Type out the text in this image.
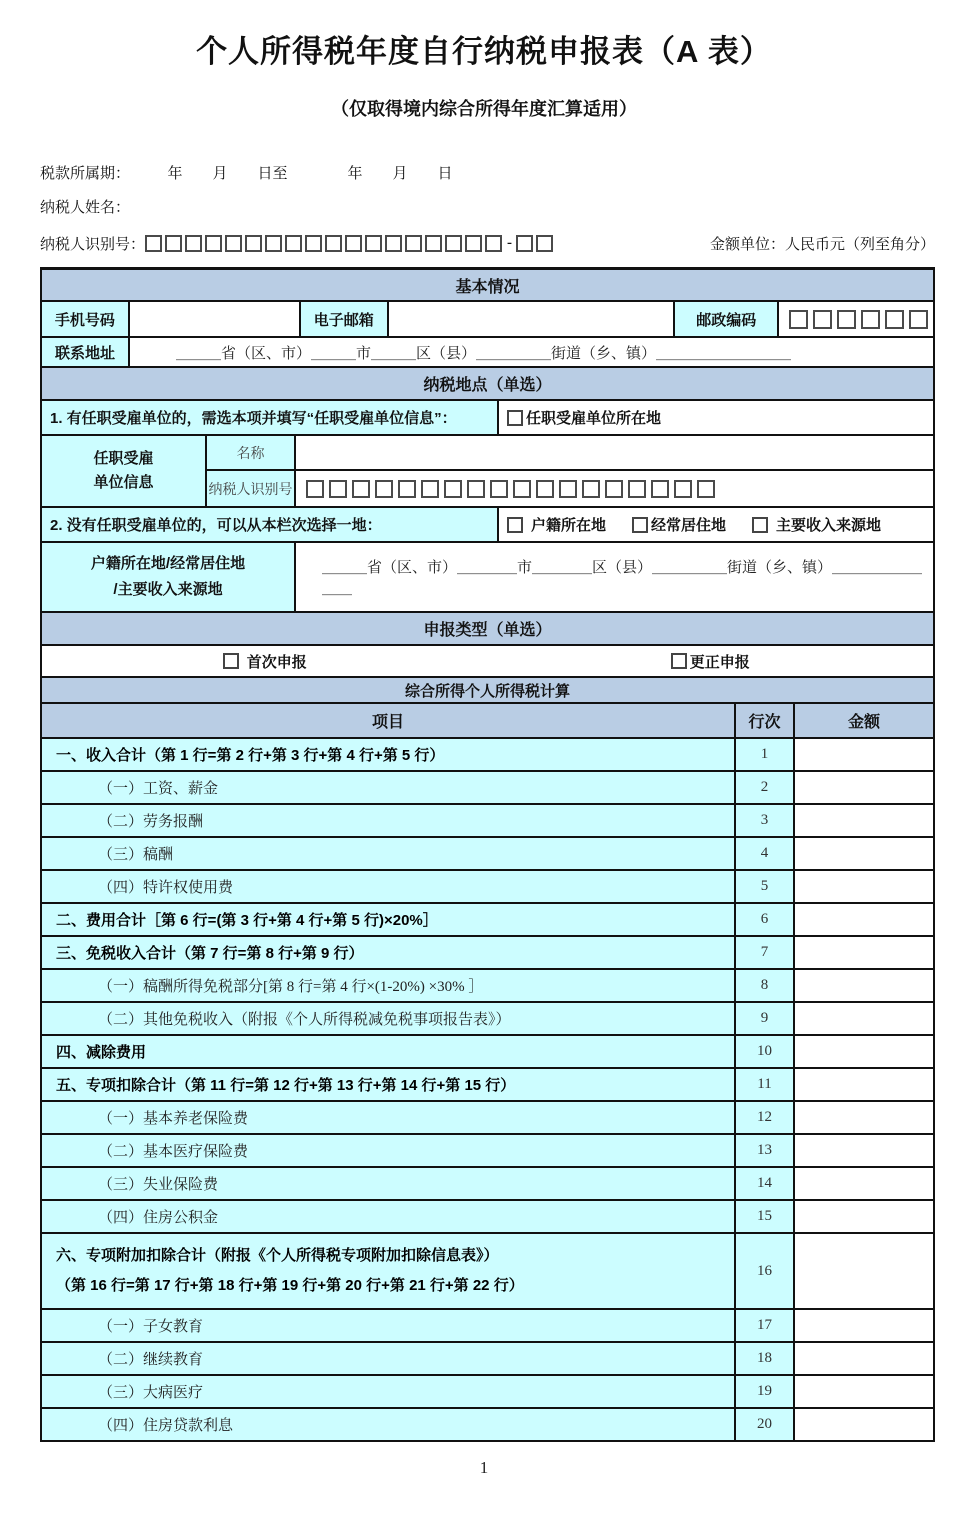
个人所得税年度自行纳税申报表（A 表）
（仅取得境内综合所得年度汇算适用）
税款所属期：　　　年　　月　　日至　　　　年　　月　　日
纳税人姓名：
纳税人识别号：	-	金额单位：人民币元（列至角分）
基本情况
手机号码	电子邮箱	邮政编码
联系地址	＿＿＿省（区、市）＿＿＿市＿＿＿区（县）＿＿＿＿＿街道（乡、镇）＿＿＿＿＿＿＿＿＿
纳税地点（单选）
1. 有任职受雇单位的，需选本项并填写“任职受雇单位信息”：	任职受雇单位所在地
任职受雇
单位信息
名称
纳税人识别号
2. 没有任职受雇单位的，可以从本栏次选择一地：	户籍所在地	经常居住地	主要收入来源地
户籍所在地/经常居住地
/主要收入来源地
＿＿＿省（区、市）＿＿＿＿市＿＿＿＿区（县）＿＿＿＿＿街道（乡、镇）＿＿＿＿＿＿＿＿
申报类型（单选）
首次申报	更正申报
综合所得个人所得税计算
项目	行次	金额
一、收入合计（第 1 行=第 2 行+第 3 行+第 4 行+第 5 行）	1
（一）工资、薪金	2
（二）劳务报酬	3
（三）稿酬	4
（四）特许权使用费	5
二、费用合计［第 6 行=(第 3 行+第 4 行+第 5 行)×20%］	6
三、免税收入合计（第 7 行=第 8 行+第 9 行）	7
（一）稿酬所得免税部分[第 8 行=第 4 行×(1-20%) ×30% ］	8
（二）其他免税收入（附报《个人所得税减免税事项报告表》）	9
四、减除费用	10
五、专项扣除合计（第 11 行=第 12 行+第 13 行+第 14 行+第 15 行）	11
（一）基本养老保险费	12
（二）基本医疗保险费	13
（三）失业保险费	14
（四）住房公积金	15
六、专项附加扣除合计（附报《个人所得税专项附加扣除信息表》）
（第 16 行=第 17 行+第 18 行+第 19 行+第 20 行+第 21 行+第 22 行）
16
（一）子女教育	17
（二）继续教育	18
（三）大病医疗	19
（四）住房贷款利息	20
1
